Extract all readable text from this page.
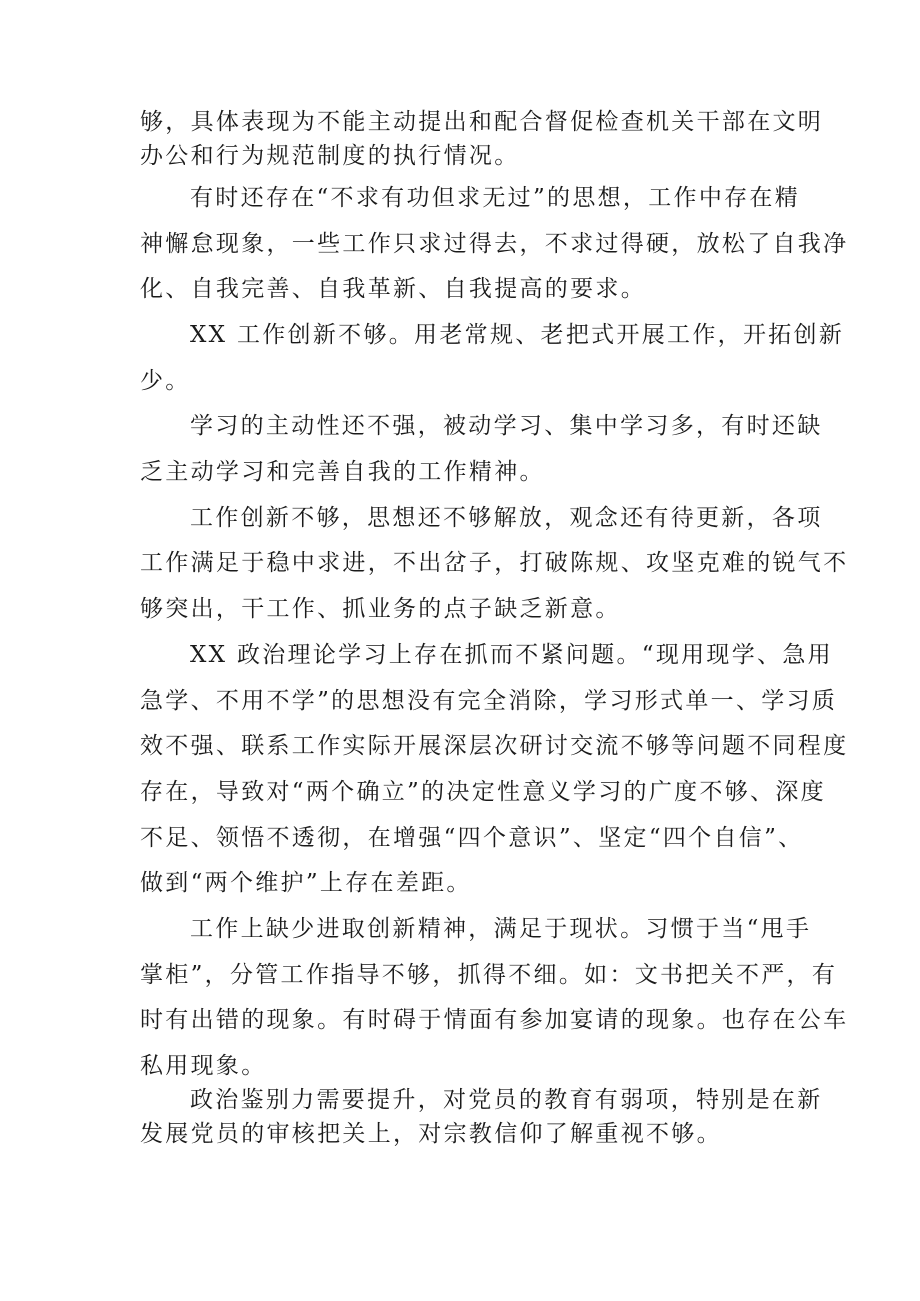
够，具体表现为不能主动提出和配合督促检查机关干部在文明
办公和行为规范制度的执行情况。
有时还存在“不求有功但求无过”的思想，工作中存在精
神懈怠现象，一些工作只求过得去，不求过得硬，放松了自我净
化、自我完善、自我革新、自我提高的要求。
XX 工作创新不够。用老常规、老把式开展工作，开拓创新
少。
学习的主动性还不强，被动学习、集中学习多，有时还缺
乏主动学习和完善自我的工作精神。
工作创新不够，思想还不够解放，观念还有待更新，各项
工作满足于稳中求进，不出岔子，打破陈规、攻坚克难的锐气不
够突出，干工作、抓业务的点子缺乏新意。
XX 政治理论学习上存在抓而不紧问题。“现用现学、急用
急学、不用不学”的思想没有完全消除，学习形式单一、学习质
效不强、联系工作实际开展深层次研讨交流不够等问题不同程度
存在，导致对“两个确立”的决定性意义学习的广度不够、深度
不足、领悟不透彻，在增强“四个意识”、坚定“四个自信”、
做到“两个维护”上存在差距。
工作上缺少进取创新精神，满足于现状。习惯于当“甩手
掌柜”，分管工作指导不够，抓得不细。如：文书把关不严，有
时有出错的现象。有时碍于情面有参加宴请的现象。也存在公车
私用现象。
政治鉴别力需要提升，对党员的教育有弱项，特别是在新
发展党员的审核把关上，对宗教信仰了解重视不够。
